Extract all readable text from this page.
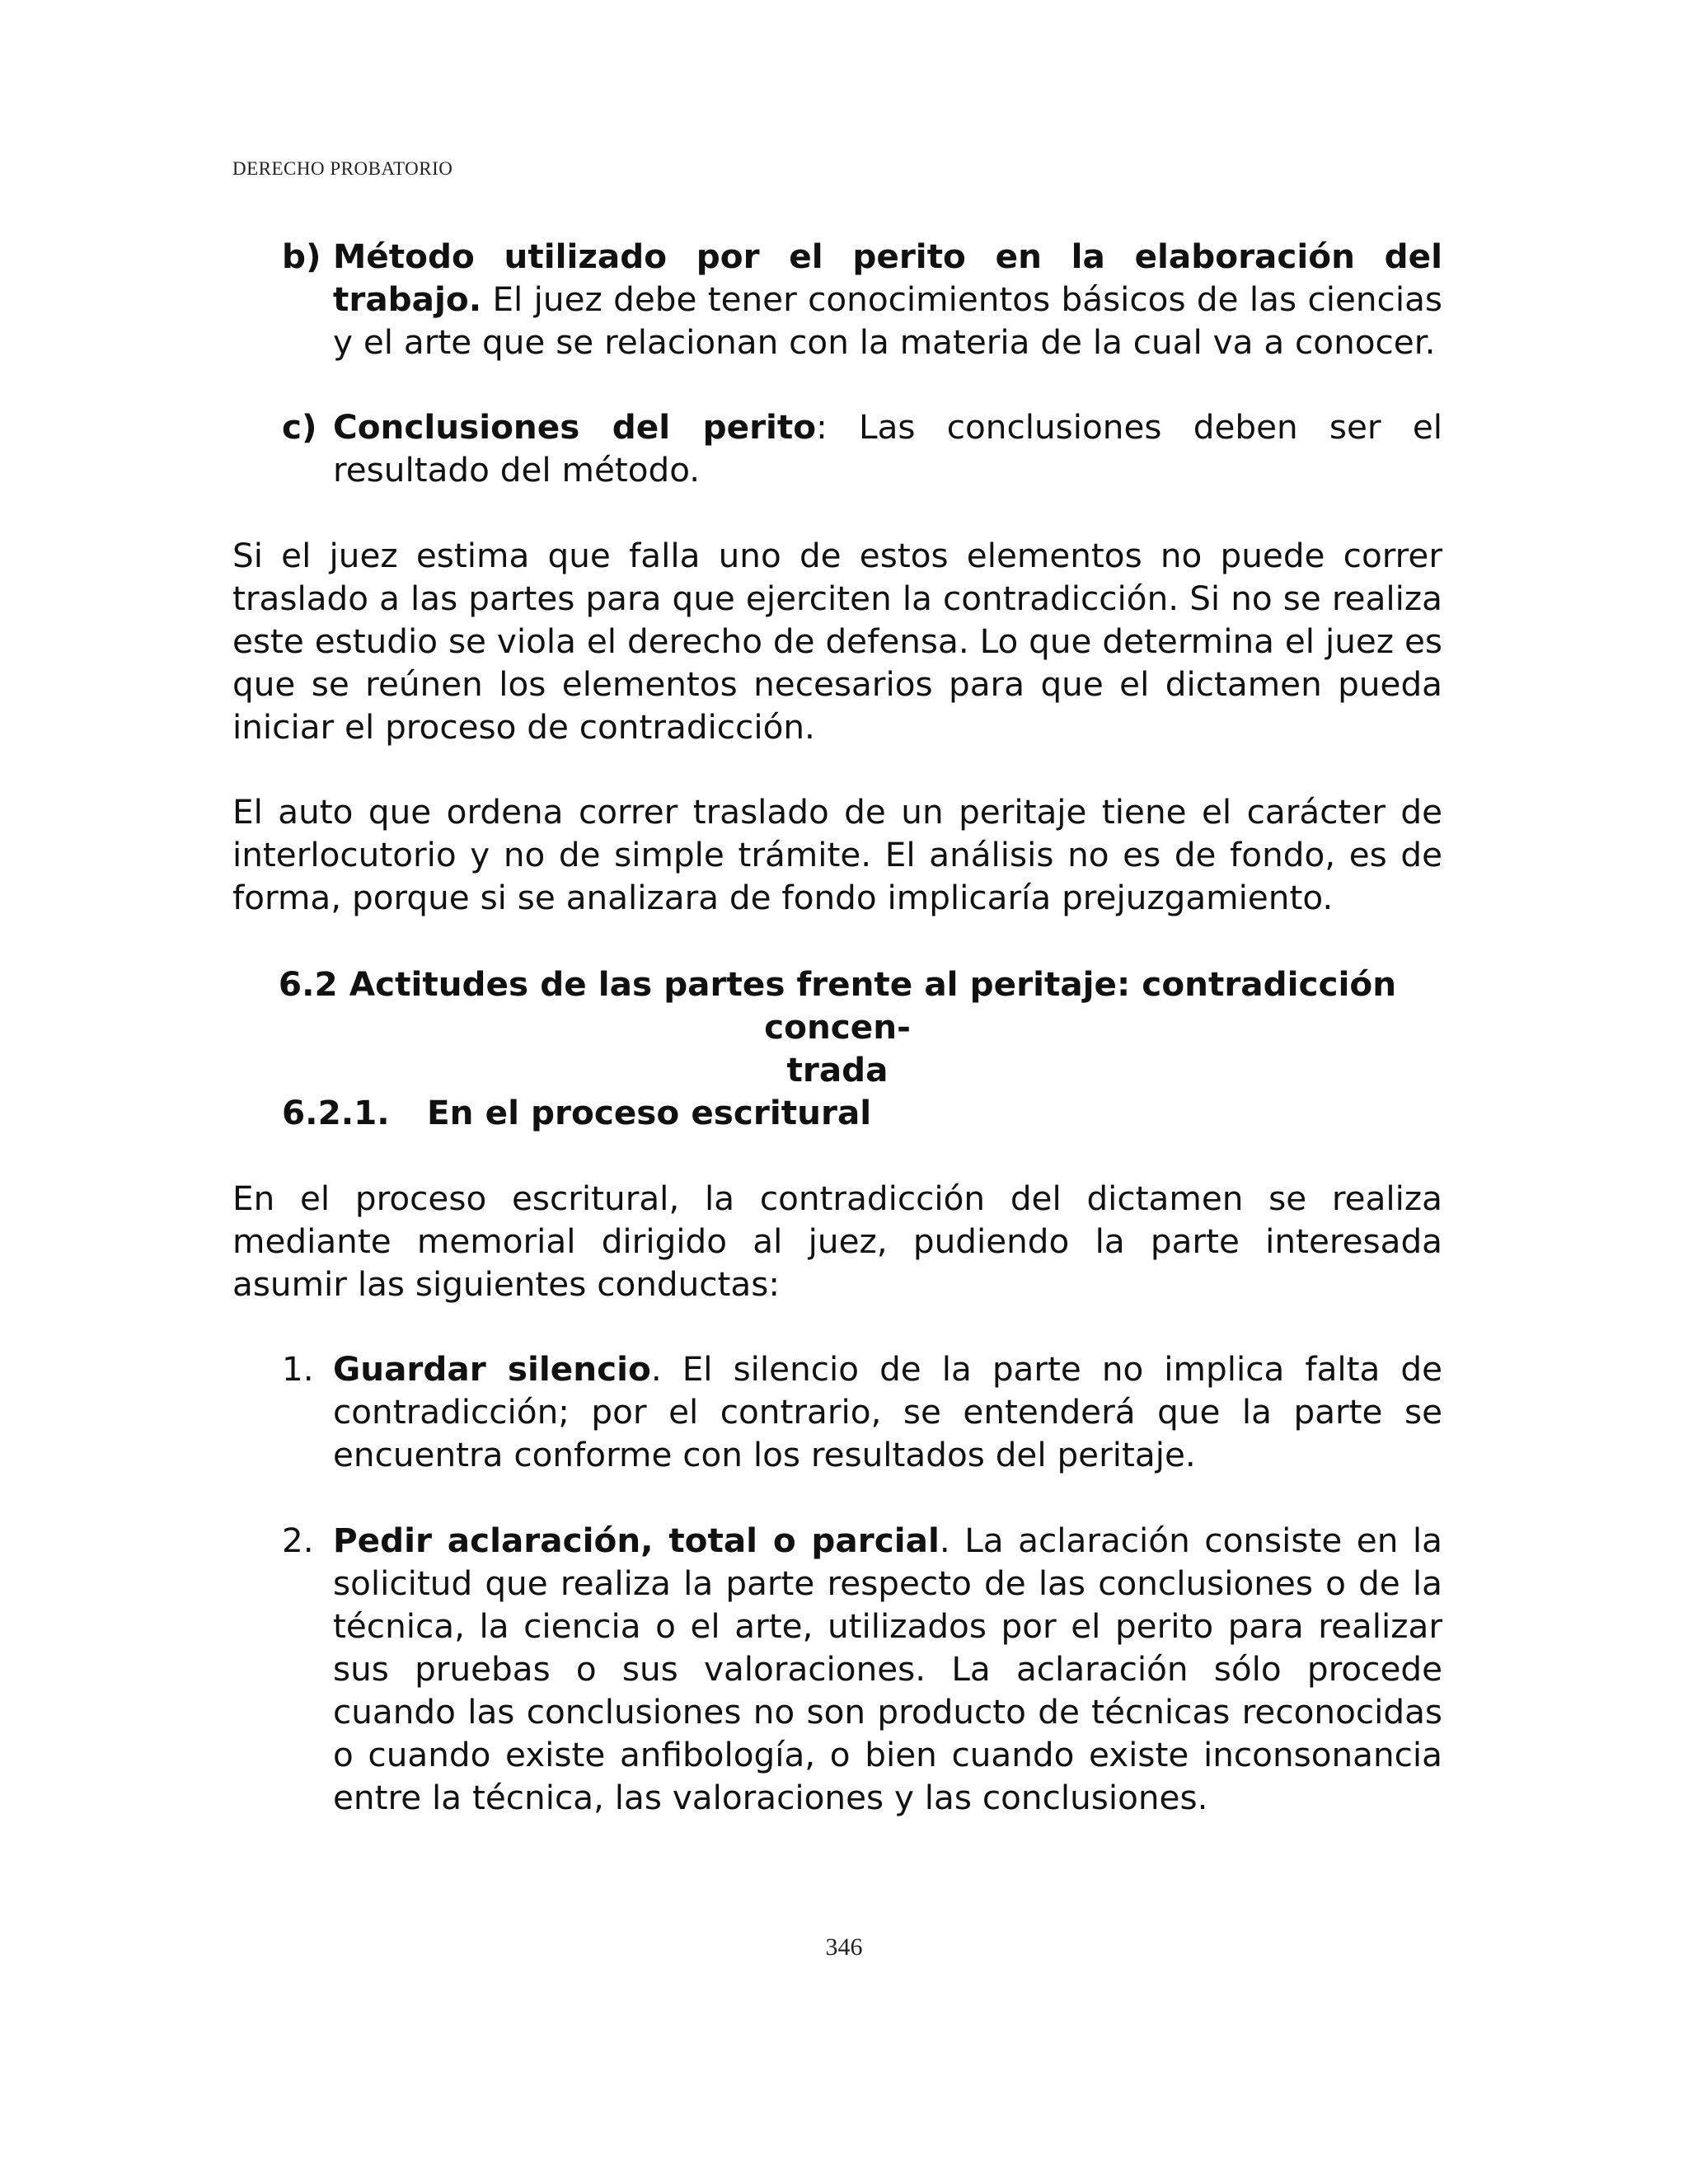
DERECHO PROBATORIO
b) Método utilizado por el perito en la elaboración del trabajo. El juez debe tener conocimientos básicos de las ciencias y el arte que se relacionan con la materia de la cual va a conocer.
c) Conclusiones del perito: Las conclusiones deben ser el resultado del método.
Si el juez estima que falla uno de estos elementos no puede correr traslado a las partes para que ejerciten la contradicción. Si no se realiza este estudio se viola el derecho de defensa. Lo que determina el juez es que se reúnen los elementos necesarios para que el dictamen pueda iniciar el proceso de contradicción.
El auto que ordena correr traslado de un peritaje tiene el carácter de interlocutorio y no de simple trámite. El análisis no es de fondo, es de forma, porque si se analizara de fondo implicaría prejuzgamiento.
6.2 Actitudes de las partes frente al peritaje: contradicción concen-
trada
6.2.1. En el proceso escritural
En el proceso escritural, la contradicción del dictamen se realiza mediante memorial dirigido al juez, pudiendo la parte interesada asumir las siguientes conductas:
1. Guardar silencio. El silencio de la parte no implica falta de contradicción; por el contrario, se entenderá que la parte se encuentra conforme con los resultados del peritaje.
2. Pedir aclaración, total o parcial. La aclaración consiste en la solicitud que realiza la parte respecto de las conclusiones o de la técnica, la ciencia o el arte, utilizados por el perito para realizar sus pruebas o sus valoraciones. La aclaración sólo procede cuando las conclusiones no son producto de técnicas reconocidas o cuando existe anfibología, o bien cuando existe inconsonancia entre la técnica, las valoraciones y las conclusiones.
346
